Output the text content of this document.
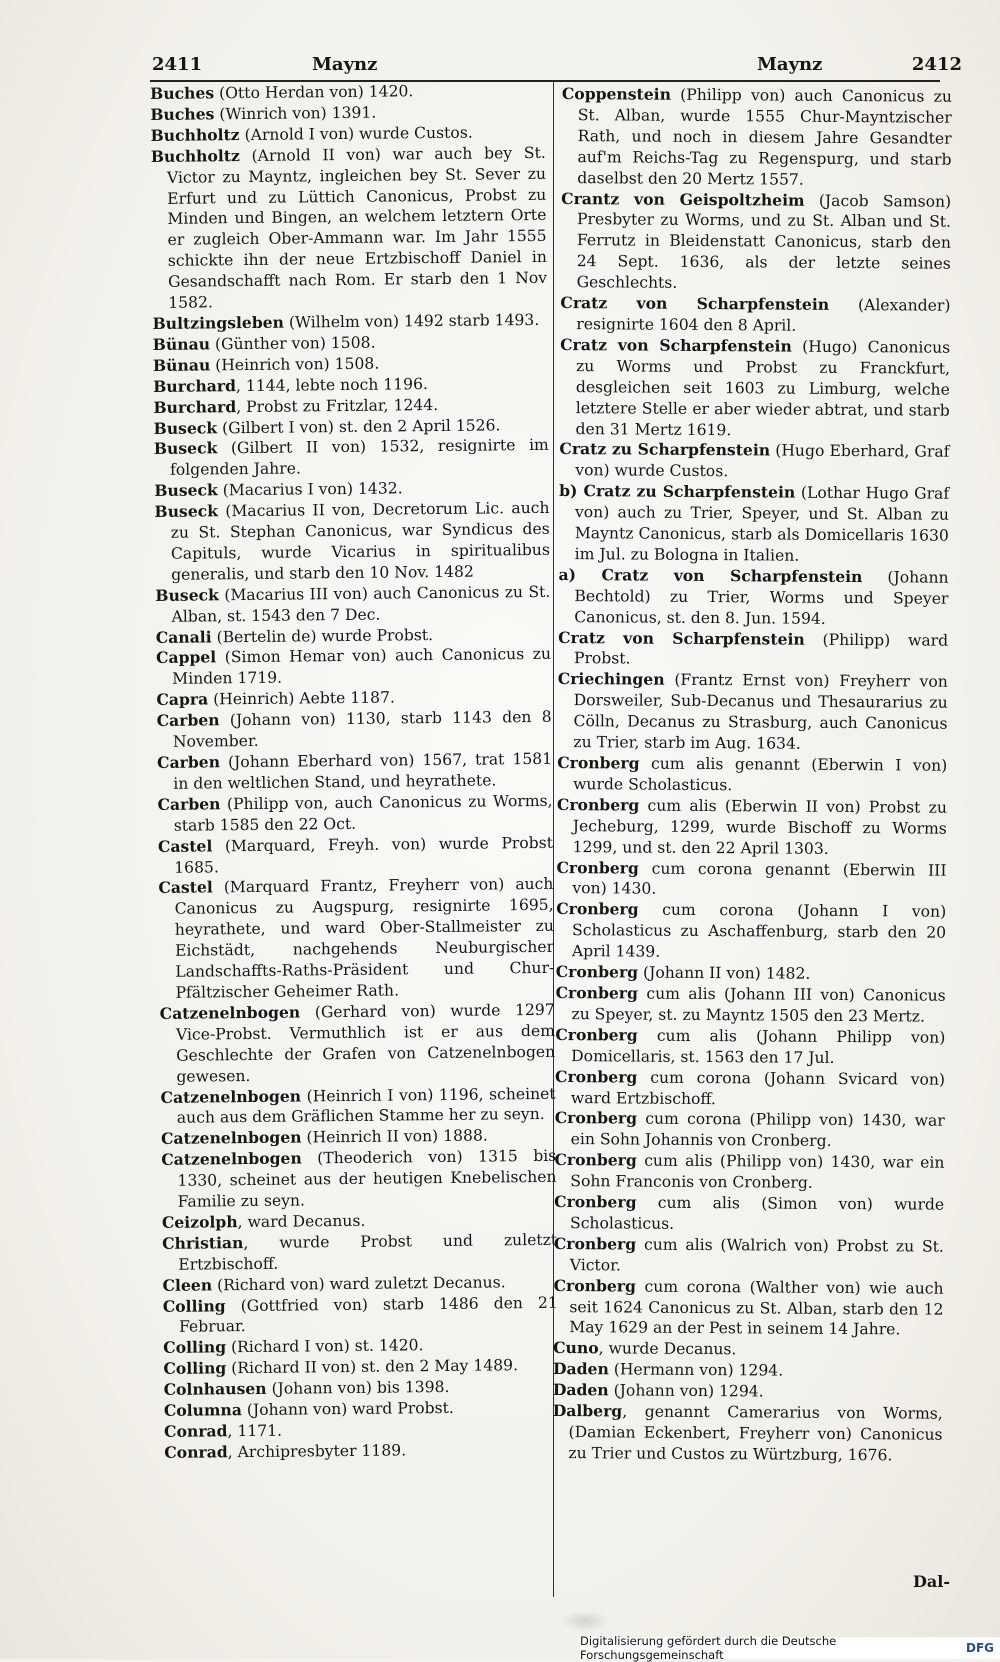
2411	Maynz	Maynz	2412

Buches (Otto Herdan von) 1420.

Buches (Winrich von) 1391.

Buchholtz (Arnold I von) wurde Custos.

Buchholtz (Arnold II von) war auch bey St. Victor zu Mayntz, ingleichen bey St. Sever zu Erfurt und zu Lüttich Canonicus, Probst zu Minden und Bingen, an welchem letztern Orte er zugleich Ober-Ammann war. Im Jahr 1555 schickte ihn der neue Ertzbischoff Daniel in Gesandschafft nach Rom. Er starb den 1 Nov 1582.

Bultzingsleben (Wilhelm von) 1492 starb 1493.

Bünau (Günther von) 1508.

Bünau (Heinrich von) 1508.

Burchard, 1144, lebte noch 1196.

Burchard, Probst zu Fritzlar, 1244.

Buseck (Gilbert I von) st. den 2 April 1526.

Buseck (Gilbert II von) 1532, resignirte im folgenden Jahre.

Buseck (Macarius I von) 1432.

Buseck (Macarius II von, Decretorum Lic. auch zu St. Stephan Canonicus, war Syndicus des Capituls, wurde Vicarius in spiritualibus generalis, und starb den 10 Nov. 1482

Buseck (Macarius III von) auch Canonicus zu St. Alban, st. 1543 den 7 Dec.

Canali (Bertelin de) wurde Probst.

Cappel (Simon Hemar von) auch Canonicus zu Minden 1719.

Capra (Heinrich) Aebte 1187.

Carben (Johann von) 1130, starb 1143 den 8 November.

Carben (Johann Eberhard von) 1567, trat 1581 in den weltlichen Stand, und heyrathete.

Carben (Philipp von, auch Canonicus zu Worms, starb 1585 den 22 Oct.

Castel (Marquard, Freyh. von) wurde Probst 1685.

Castel (Marquard Frantz, Freyherr von) auch Canonicus zu Augspurg, resignirte 1695, heyrathete, und ward Ober-Stallmeister zu Eichstädt, nachgehends Neuburgischer Landschaffts-Raths-Präsident und Chur-Pfältzischer Geheimer Rath.

Catzenelnbogen (Gerhard von) wurde 1297 Vice-Probst. Vermuthlich ist er aus dem Geschlechte der Grafen von Catzenelnbogen gewesen.

Catzenelnbogen (Heinrich I von) 1196, scheinet auch aus dem Gräflichen Stamme her zu seyn.

Catzenelnbogen (Heinrich II von) 1888.

Catzenelnbogen (Theoderich von) 1315 bis 1330, scheinet aus der heutigen Knebelischen Familie zu seyn.

Ceizolph, ward Decanus.

Christian, wurde Probst und zuletzt Ertzbischoff.

Cleen (Richard von) ward zuletzt Decanus.

Colling (Gottfried von) starb 1486 den 21 Februar.

Colling (Richard I von) st. 1420.

Colling (Richard II von) st. den 2 May 1489.

Colnhausen (Johann von) bis 1398.

Columna (Johann von) ward Probst.

Conrad, 1171.

Conrad, Archipresbyter 1189.

Coppenstein (Philipp von) auch Canonicus zu St. Alban, wurde 1555 Chur-Mayntzischer Rath, und noch in diesem Jahre Gesandter auf'm Reichs-Tag zu Regenspurg, und starb daselbst den 20 Mertz 1557.

Crantz von Geispoltzheim (Jacob Samson) Presbyter zu Worms, und zu St. Alban und St. Ferrutz in Bleidenstatt Canonicus, starb den 24 Sept. 1636, als der letzte seines Geschlechts.

Cratz von Scharpfenstein (Alexander) resignirte 1604 den 8 April.

Cratz von Scharpfenstein (Hugo) Canonicus zu Worms und Probst zu Franckfurt, desgleichen seit 1603 zu Limburg, welche letztere Stelle er aber wieder abtrat, und starb den 31 Mertz 1619.

Cratz zu Scharpfenstein (Hugo Eberhard, Graf von) wurde Custos.

b) Cratz zu Scharpfenstein (Lothar Hugo Graf von) auch zu Trier, Speyer, und St. Alban zu Mayntz Canonicus, starb als Domicellaris 1630 im Jul. zu Bologna in Italien.

a) Cratz von Scharpfenstein (Johann Bechtold) zu Trier, Worms und Speyer Canonicus, st. den 8. Jun. 1594.

Cratz von Scharpfenstein (Philipp) ward Probst.

Criechingen (Frantz Ernst von) Freyherr von Dorsweiler, Sub-Decanus und Thesaurarius zu Cölln, Decanus zu Strasburg, auch Canonicus zu Trier, starb im Aug. 1634.

Cronberg cum alis genannt (Eberwin I von) wurde Scholasticus.

Cronberg cum alis (Eberwin II von) Probst zu Jecheburg, 1299, wurde Bischoff zu Worms 1299, und st. den 22 April 1303.

Cronberg cum corona genannt (Eberwin III von) 1430.

Cronberg cum corona (Johann I von) Scholasticus zu Aschaffenburg, starb den 20 April 1439.

Cronberg (Johann II von) 1482.

Cronberg cum alis (Johann III von) Canonicus zu Speyer, st. zu Mayntz 1505 den 23 Mertz.

Cronberg cum alis (Johann Philipp von) Domicellaris, st. 1563 den 17 Jul.

Cronberg cum corona (Johann Svicard von) ward Ertzbischoff.

Cronberg cum corona (Philipp von) 1430, war ein Sohn Johannis von Cronberg.

Cronberg cum alis (Philipp von) 1430, war ein Sohn Franconis von Cronberg.

Cronberg cum alis (Simon von) wurde Scholasticus.

Cronberg cum alis (Walrich von) Probst zu St. Victor.

Cronberg cum corona (Walther von) wie auch seit 1624 Canonicus zu St. Alban, starb den 12 May 1629 an der Pest in seinem 14 Jahre.

Cuno, wurde Decanus.

Daden (Hermann von) 1294.

Daden (Johann von) 1294.

Dalberg, genannt Camerarius von Worms, (Damian Eckenbert, Freyherr von) Canonicus zu Trier und Custos zu Würtzburg, 1676.

Dal-
Digitalisierung gefördert durch die Deutsche Forschungsgemeinschaft	DFG
